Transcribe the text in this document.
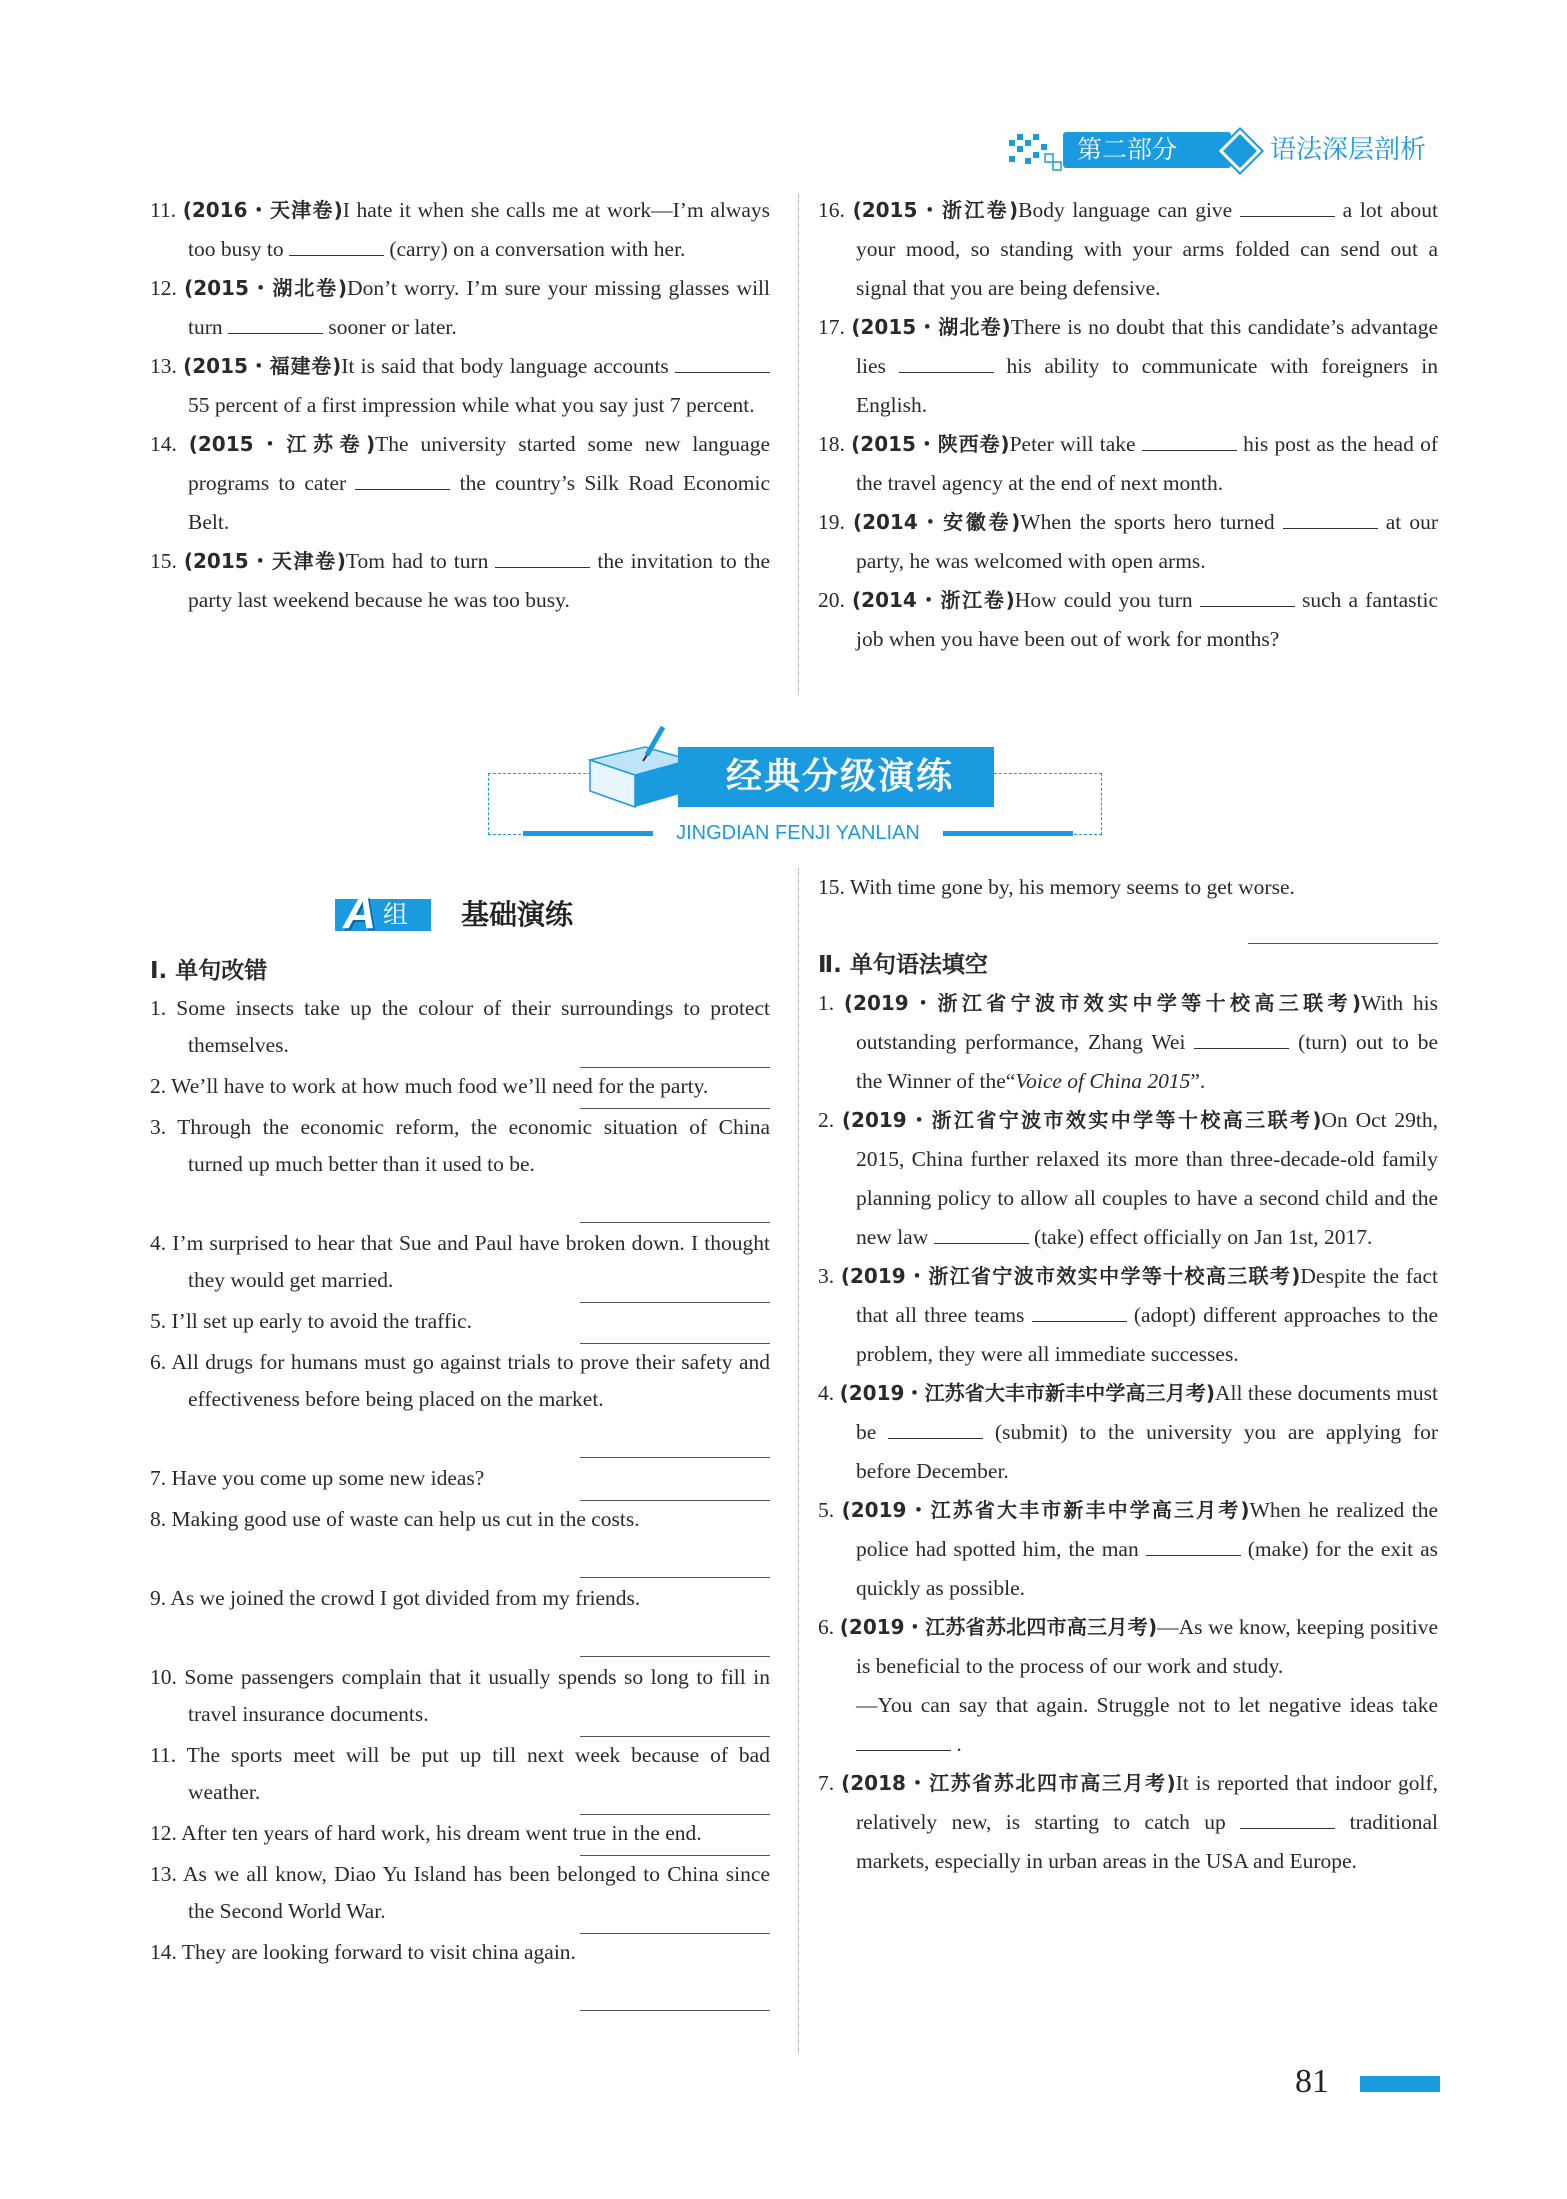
第二部分	语法深层剖析
11. (2016・天津卷)I hate it when she calls me at work—I’m always too busy to	(carry) on a conversation with her.
12. (2015・湖北卷)Don’t worry. I’m sure your missing glasses will turn	sooner or later.
13. (2015・福建卷)It is said that body language accounts  55 percent of a first impression while what you say just 7 percent.
14. (2015・江苏卷)The university started some new language programs to cater	the country’s Silk Road Economic Belt.
15. (2015・天津卷)Tom had to turn	the invitation to the party last weekend because he was too busy.
16. (2015・浙江卷)Body language can give	a lot about your mood, so standing with your arms folded can send out a signal that you are being defensive.
17. (2015・湖北卷)There is no doubt that this candidate’s advantage lies	his ability to communicate with foreigners in English.
18. (2015・陕西卷)Peter will take	his post as the head of the travel agency at the end of next month.
19. (2014・安徽卷)When the sports hero turned	at our party, he was welcomed with open arms.
20. (2014・浙江卷)How could you turn	such a fantastic job when you have been out of work for months?
经典分级演练
JINGDIAN FENJI YANLIAN
A 组 基础演练
Ⅰ. 单句改错
1. Some insects take up the colour of their surroundings to protect themselves.
2. We’ll have to work at how much food we’ll need for the party.
3. Through the economic reform, the economic situation of China turned up much better than it used to be.
4. I’m surprised to hear that Sue and Paul have broken down. I thought they would get married.
5. I’ll set up early to avoid the traffic.
6. All drugs for humans must go against trials to prove their safety and effectiveness before being placed on the market.
7. Have you come up some new ideas?
8. Making good use of waste can help us cut in the costs.
9. As we joined the crowd I got divided from my friends.
10. Some passengers complain that it usually spends so long to fill in travel insurance documents.
11. The sports meet will be put up till next week because of bad weather.
12. After ten years of hard work, his dream went true in the end.
13. As we all know, Diao Yu Island has been belonged to China since the Second World War.
14. They are looking forward to visit china again.
15. With time gone by, his memory seems to get worse.
Ⅱ. 单句语法填空
1. (2019・浙江省宁波市效实中学等十校高三联考)With his outstanding performance, Zhang Wei	(turn) out to be the Winner of the“Voice of China 2015”.
2. (2019・浙江省宁波市效实中学等十校高三联考)On Oct 29th, 2015, China further relaxed its more than three-decade-old family planning policy to allow all couples to have a second child and the new law	(take) effect officially on Jan 1st, 2017.
3. (2019・浙江省宁波市效实中学等十校高三联考)Despite the fact that all three teams	(adopt) different approaches to the problem, they were all immediate successes.
4. (2019・江苏省大丰市新丰中学高三月考)All these documents must be	(submit) to the university you are applying for before December.
5. (2019・江苏省大丰市新丰中学高三月考)When he realized the police had spotted him, the man	(make) for the exit as quickly as possible.
6. (2019・江苏省苏北四市高三月考)—As we know, keeping positive is beneficial to the process of our work and study.
—You can say that again. Struggle not to let negative ideas take  .
7. (2018・江苏省苏北四市高三月考)It is reported that indoor golf, relatively new, is starting to catch up	traditional markets, especially in urban areas in the USA and Europe.
81
